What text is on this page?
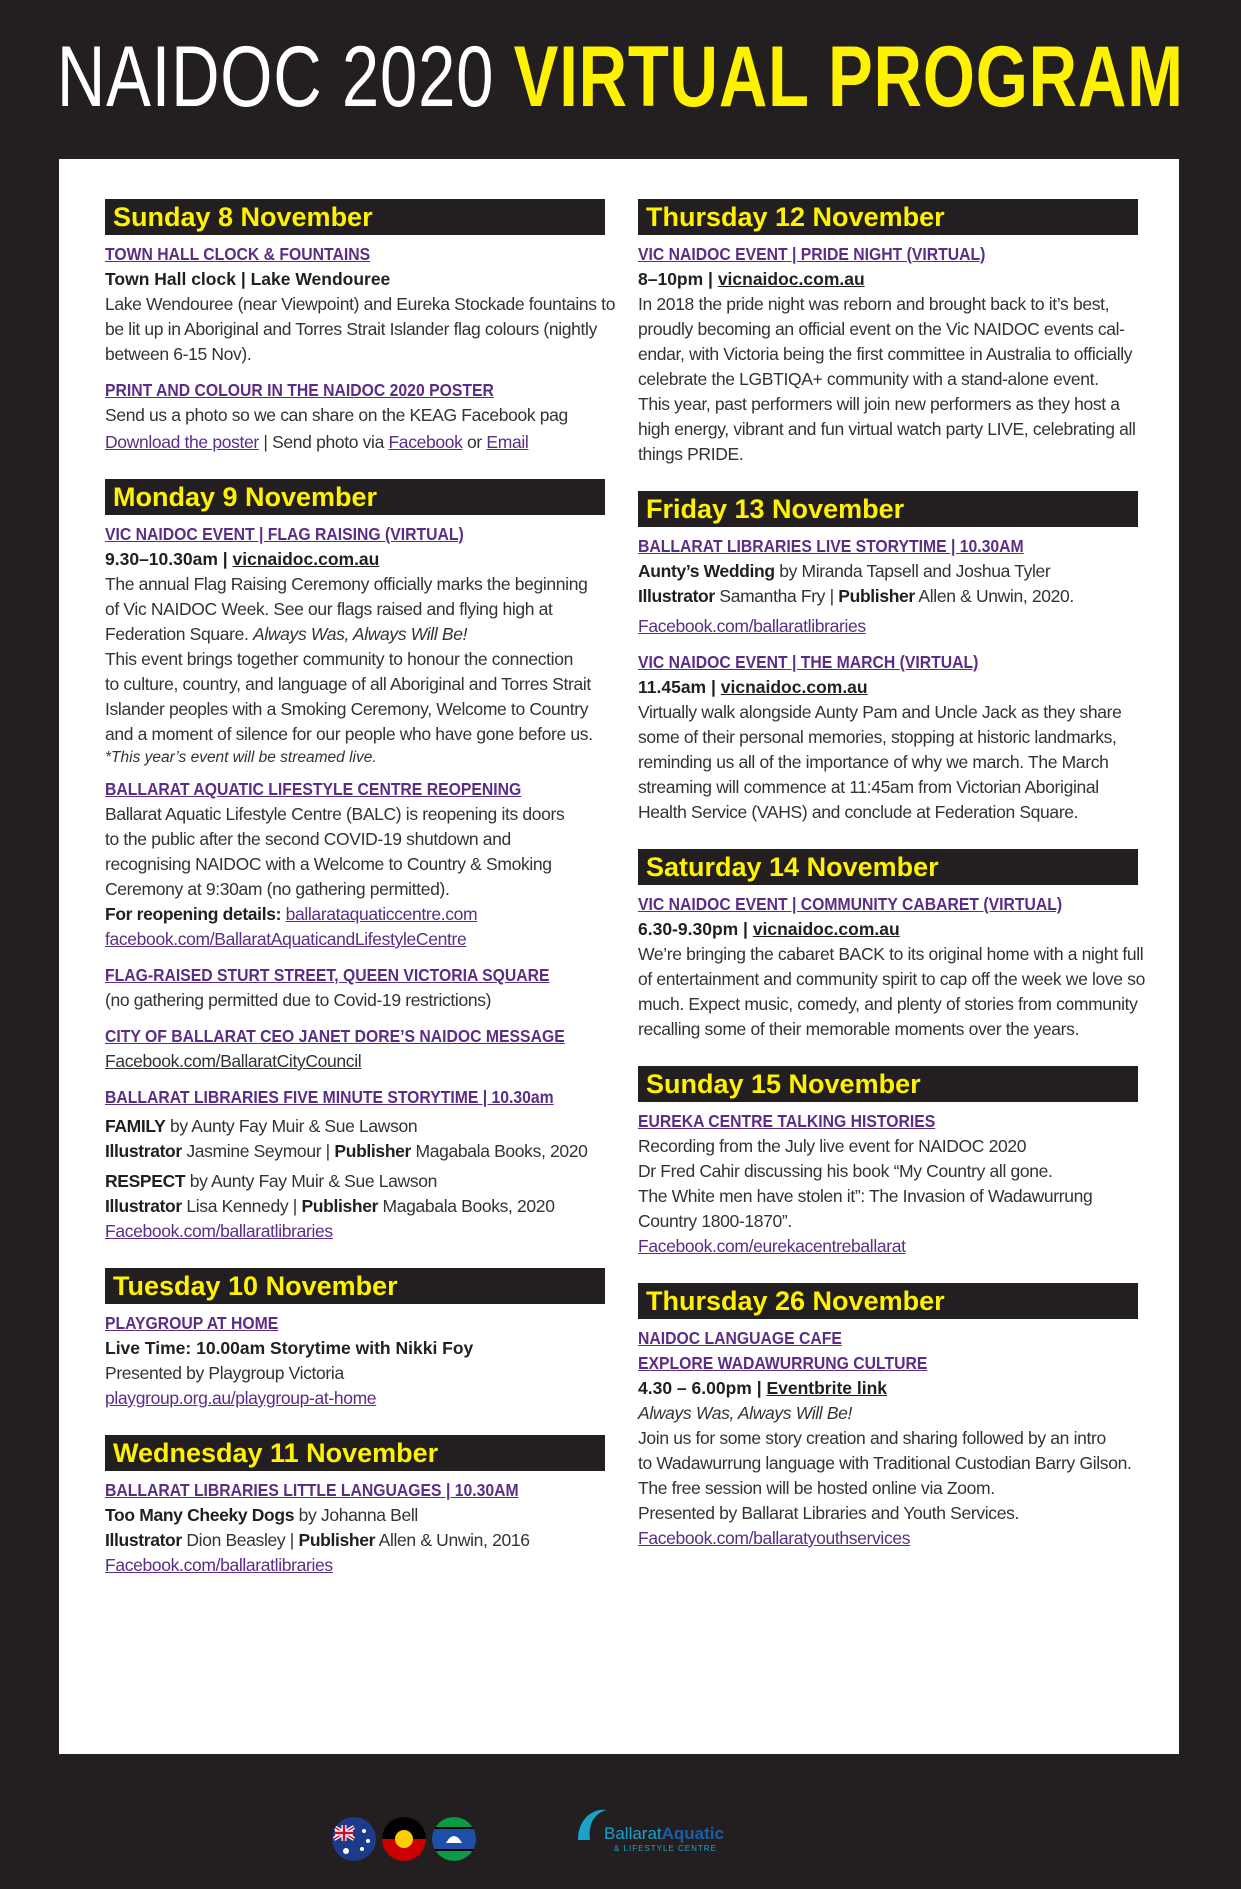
NAIDOC 2020 VIRTUAL PROGRAM
Sunday 8 November
TOWN HALL CLOCK & FOUNTAINS
Town Hall clock | Lake Wendouree

Lake Wendouree (near Viewpoint) and Eureka Stockade fountains to

be lit up in Aboriginal and Torres Strait Islander flag colours (nightly

between 6-15 Nov).

PRINT AND COLOUR IN THE NAIDOC 2020 POSTER

Send us a photo so we can share on the KEAG Facebook pag

Download the poster | Send photo via Facebook or Email

Monday 9 November
VIC NAIDOC EVENT | FLAG RAISING (VIRTUAL)
9.30–10.30am | vicnaidoc.com.au

The annual Flag Raising Ceremony officially marks the beginning

of Vic NAIDOC Week. See our flags raised and flying high at

Federation Square. Always Was, Always Will Be!

This event brings together community to honour the connection

to culture, country, and language of all Aboriginal and Torres Strait

Islander peoples with a Smoking Ceremony, Welcome to Country

and a moment of silence for our people who have gone before us.

*This year’s event will be streamed live.
BALLARAT AQUATIC LIFESTYLE CENTRE REOPENING

Ballarat Aquatic Lifestyle Centre (BALC) is reopening its doors

to the public after the second COVID-19 shutdown and

recognising NAIDOC with a Welcome to Country & Smoking

Ceremony at 9:30am (no gathering permitted).

For reopening details: ballarataquaticcentre.com

facebook.com/BallaratAquaticandLifestyleCentre

FLAG-RAISED STURT STREET, QUEEN VICTORIA SQUARE

(no gathering permitted due to Covid-19 restrictions)

CITY OF BALLARAT CEO JANET DORE’S NAIDOC MESSAGE

Facebook.com/BallaratCityCouncil

BALLARAT LIBRARIES FIVE MINUTE STORYTIME | 10.30am

FAMILY by Aunty Fay Muir & Sue Lawson

Illustrator Jasmine Seymour | Publisher Magabala Books, 2020

RESPECT by Aunty Fay Muir & Sue Lawson

Illustrator Lisa Kennedy | Publisher Magabala Books, 2020

Facebook.com/ballaratlibraries

Tuesday 10 November
PLAYGROUP AT HOME
Live Time: 10.00am Storytime with Nikki Foy

Presented by Playgroup Victoria

playgroup.org.au/playgroup-at-home

Wednesday 11 November
BALLARAT LIBRARIES LITTLE LANGUAGES | 10.30AM

Too Many Cheeky Dogs by Johanna Bell

Illustrator Dion Beasley | Publisher Allen & Unwin, 2016

Facebook.com/ballaratlibraries

Thursday 12 November
VIC NAIDOC EVENT | PRIDE NIGHT (VIRTUAL)
8–10pm | vicnaidoc.com.au

In 2018 the pride night was reborn and brought back to it’s best,

proudly becoming an official event on the Vic NAIDOC events cal-

endar, with Victoria being the first committee in Australia to officially

celebrate the LGBTIQA+ community with a stand-alone event.

This year, past performers will join new performers as they host a

high energy, vibrant and fun virtual watch party LIVE, celebrating all

things PRIDE.

Friday 13 November
BALLARAT LIBRARIES LIVE STORYTIME | 10.30AM

Aunty’s Wedding by Miranda Tapsell and Joshua Tyler

Illustrator Samantha Fry | Publisher Allen & Unwin, 2020.

Facebook.com/ballaratlibraries

VIC NAIDOC EVENT | THE MARCH (VIRTUAL)
11.45am | vicnaidoc.com.au

Virtually walk alongside Aunty Pam and Uncle Jack as they share

some of their personal memories, stopping at historic landmarks,

reminding us all of the importance of why we march. The March

streaming will commence at 11:45am from Victorian Aboriginal

Health Service (VAHS) and conclude at Federation Square.

Saturday 14 November
VIC NAIDOC EVENT | COMMUNITY CABARET (VIRTUAL)
6.30-9.30pm | vicnaidoc.com.au

We’re bringing the cabaret BACK to its original home with a night full

of entertainment and community spirit to cap off the week we love so

much. Expect music, comedy, and plenty of stories from community

recalling some of their memorable moments over the years.

Sunday 15 November
EUREKA CENTRE TALKING HISTORIES

Recording from the July live event for NAIDOC 2020

Dr Fred Cahir discussing his book “My Country all gone.

The White men have stolen it”: The Invasion of Wadawurrung

Country 1800-1870”.

Facebook.com/eurekacentreballarat

Thursday 26 November
NAIDOC LANGUAGE CAFE
EXPLORE WADAWURRUNG CULTURE
4.30 – 6.00pm | Eventbrite link

Always Was, Always Will Be!

Join us for some story creation and sharing followed by an intro

to Wadawurrung language with Traditional Custodian Barry Gilson.

The free session will be hosted online via Zoom.

Presented by Ballarat Libraries and Youth Services.

Facebook.com/ballaratyouthservices

CITY OF
BALLARAT	BallaratAquatic
& LIFESTYLE CENTRE
BALLARAT
LIBRARIES
LOVE YOUR LIBRARY
YOUTH
SERVICES
EUREKA
CENTRE
BALLARAT
